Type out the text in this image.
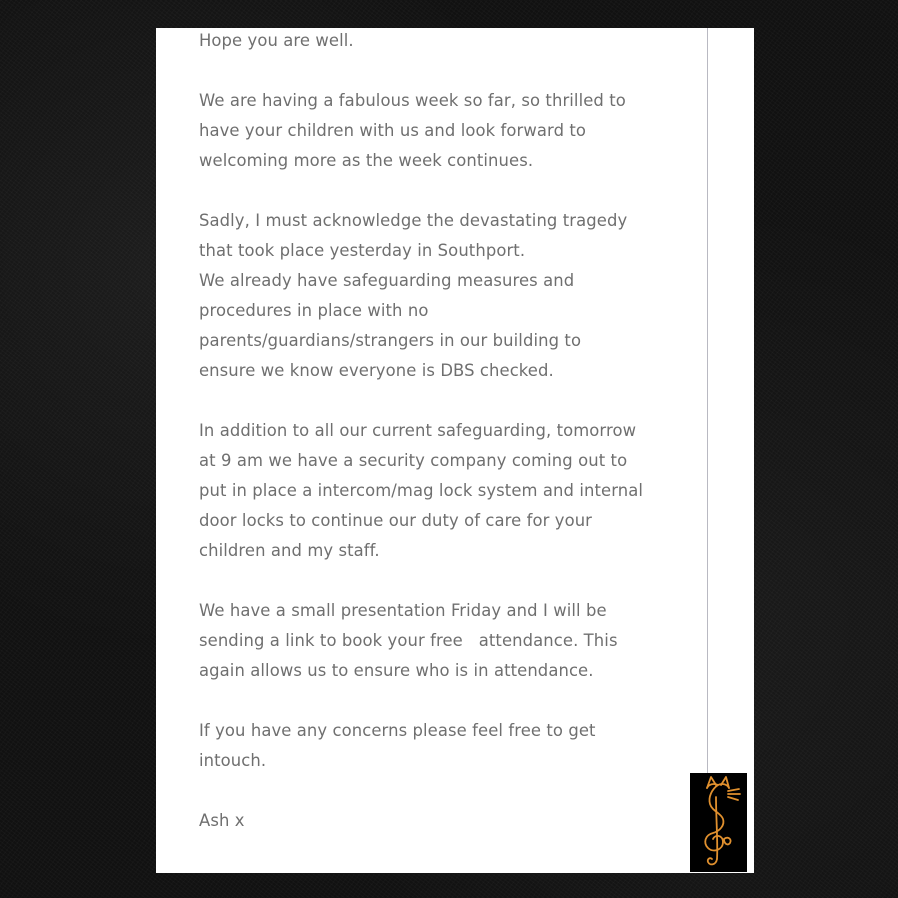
Hope you are well.
We are having a fabulous week so far, so thrilled to
have your children with us and look forward to
welcoming more as the week continues.
Sadly, I must acknowledge the devastating tragedy
that took place yesterday in Southport.
We already have safeguarding measures and
procedures in place with no
parents/guardians/strangers in our building to
ensure we know everyone is DBS checked.
In addition to all our current safeguarding, tomorrow
at 9 am we have a security company coming out to
put in place a intercom/mag lock system and internal
door locks to continue our duty of care for your
children and my staff.
We have a small presentation Friday and I will be
sending a link to book your free   attendance. This
again allows us to ensure who is in attendance.
If you have any concerns please feel free to get
intouch.
Ash x
